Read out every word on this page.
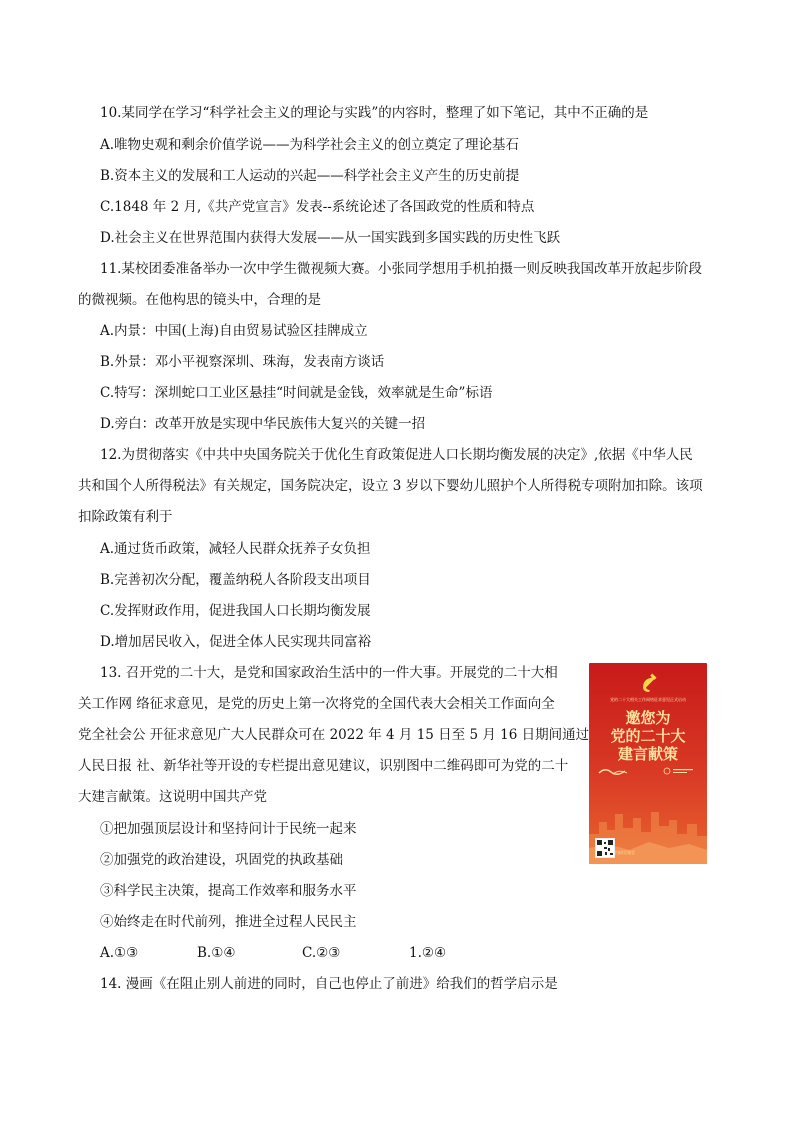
10.某同学在学习“科学社会主义的理论与实践”的内容时，整理了如下笔记，其中不正确的是
A.唯物史观和剩余价值学说——为科学社会主义的创立奠定了理论基石
B.资本主义的发展和工人运动的兴起——科学社会主义产生的历史前提
C.1848 年 2 月,《共产党宣言》发表--系统论述了各国政党的性质和特点
D.社会主义在世界范围内获得大发展——从一国实践到多国实践的历史性飞跃
11.某校团委准备举办一次中学生微视频大赛。小张同学想用手机拍摄一则反映我国改革开放起步阶段
的微视频。在他构思的镜头中，合理的是
A.内景：中国(上海)自由贸易试验区挂牌成立
B.外景：邓小平视察深圳、珠海，发表南方谈话
C.特写：深圳蛇口工业区悬挂“时间就是金钱，效率就是生命”标语
D.旁白：改革开放是实现中华民族伟大复兴的关键一招
12.为贯彻落实《中共中央国务院关于优化生育政策促进人口长期均衡发展的决定》,依据《中华人民
共和国个人所得税法》有关规定，国务院决定，设立 3 岁以下婴幼儿照护个人所得税专项附加扣除。该项
扣除政策有利于
A.通过货币政策，减轻人民群众抚养子女负担
B.完善初次分配，覆盖纳税人各阶段支出项目
C.发挥财政作用，促进我国人口长期均衡发展
D.增加居民收入，促进全体人民实现共同富裕
13. 召开党的二十大，是党和国家政治生活中的一件大事。开展党的二十大相
关工作网 络征求意见，是党的历史上第一次将党的全国代表大会相关工作面向全
党全社会公 开征求意见广大人民群众可在 2022 年 4 月 15 日至 5 月 16 日期间通过
人民日报 社、新华社等开设的专栏提出意见建议，识别图中二维码即可为党的二十
大建言献策。这说明中国共产党
①把加强顶层设计和坚持问计于民统一起来
②加强党的政治建设，巩固党的执政基础
③科学民主决策，提高工作效率和服务水平
④始终走在时代前列，推进全过程人民民主
A.①③	B.①④	C.②③	1.②④
党的二十大相关工作网络征求意见正式启动
邀您为
党的二十大
建言献策
扫码写建言
14. 漫画《在阻止别人前进的同时，自己也停止了前进》给我们的哲学启示是
